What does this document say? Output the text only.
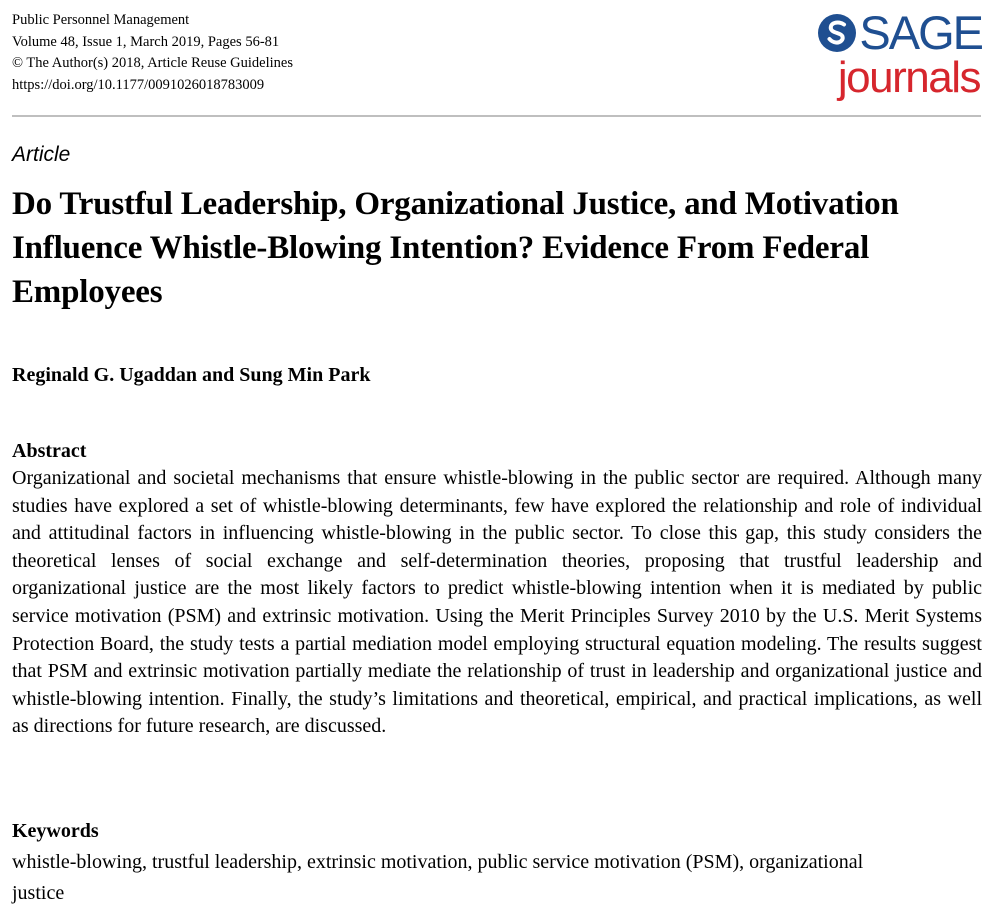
Public Personnel Management
Volume 48, Issue 1, March 2019, Pages 56-81
© The Author(s) 2018, Article Reuse Guidelines
https://doi.org/10.1177/0091026018783009
SAGE
journals
Article
Do Trustful Leadership, Organizational Justice, and Motivation Influence Whistle-Blowing Intention? Evidence From Federal Employees
Reginald G. Ugaddan and Sung Min Park
Abstract

Organizational and societal mechanisms that ensure whistle-blowing in the public sector are required. Although many studies have explored a set of whistle-blowing determinants, few have explored the relationship and role of individual and attitudinal factors in influencing whistle-blowing in the public sector. To close this gap, this study considers the theoretical lenses of social exchange and self-determination theories, proposing that trustful leadership and organizational justice are the most likely factors to predict whistle-blowing intention when it is mediated by public service motivation (PSM) and extrinsic motivation. Using the Merit Principles Survey 2010 by the U.S. Merit Systems Protection Board, the study tests a partial mediation model employing structural equation modeling. The results suggest that PSM and extrinsic motivation partially mediate the relationship of trust in leadership and organizational justice and whistle-blowing intention. Finally, the study’s limitations and theoretical, empirical, and practical implications, as well as directions for future research, are discussed.

Keywords

whistle-blowing, trustful leadership, extrinsic motivation, public service motivation (PSM), organizational justice
